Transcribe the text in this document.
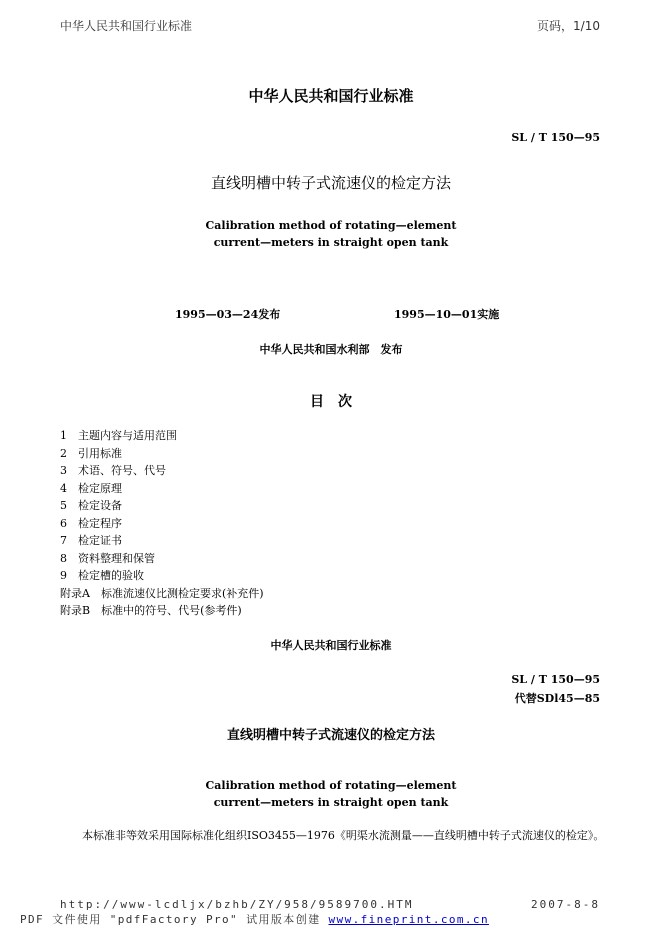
中华人民共和国行业标准	页码，1/10
中华人民共和国行业标准
SL / T 150—95
直线明槽中转子式流速仪的检定方法
Calibration method of rotating—element
current—meters in straight open tank
1995—03—24发布	1995—10—01实施
中华人民共和国水利部　发布
目　次
1 主题内容与适用范围
2 引用标准
3 术语、符号、代号
4 检定原理
5 检定设备
6 检定程序
7 检定证书
8 资料整理和保管
9 检定槽的验收
附录A　标准流速仪比测检定要求(补充件)
附录B　标准中的符号、代号(参考件)
中华人民共和国行业标准
SL / T 150—95
代替SDl45—85
直线明槽中转子式流速仪的检定方法
Calibration method of rotating—element
current—meters in straight open tank
本标准非等效采用国际标准化组织ISO3455—1976《明渠水流测量——直线明槽中转子式流速仪的检定》。
http://www-lcdljx/bzhb/ZY/958/9589700.HTM	2007-8-8
PDF 文件使用 "pdfFactory Pro" 试用版本创建 www.fineprint.com.cn
